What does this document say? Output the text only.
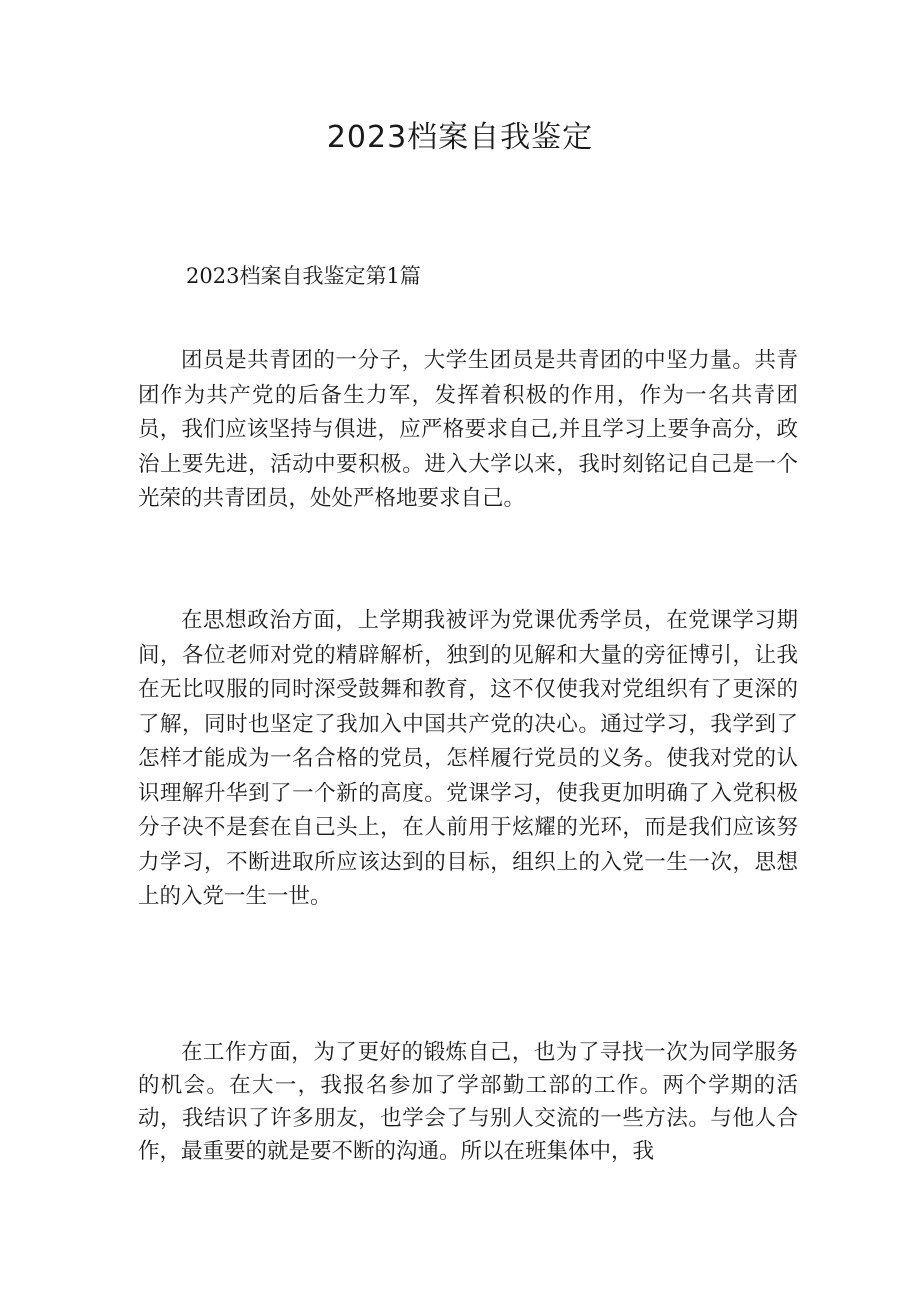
2023档案自我鉴定
2023档案自我鉴定第1篇

团员是共青团的一分子，大学生团员是共青团的中坚力量。共青团作为共产党的后备生力军，发挥着积极的作用，作为一名共青团员，我们应该坚持与俱进，应严格要求自己,并且学习上要争高分，政治上要先进，活动中要积极。进入大学以来，我时刻铭记自己是一个光荣的共青团员，处处严格地要求自己。

在思想政治方面，上学期我被评为党课优秀学员，在党课学习期间，各位老师对党的精辟解析，独到的见解和大量的旁征博引，让我在无比叹服的同时深受鼓舞和教育，这不仅使我对党组织有了更深的了解，同时也坚定了我加入中国共产党的决心。通过学习，我学到了怎样才能成为一名合格的党员，怎样履行党员的义务。使我对党的认识理解升华到了一个新的高度。党课学习，使我更加明确了入党积极分子决不是套在自己头上，在人前用于炫耀的光环，而是我们应该努力学习，不断进取所应该达到的目标，组织上的入党一生一次，思想上的入党一生一世。

在工作方面，为了更好的锻炼自己，也为了寻找一次为同学服务的机会。在大一，我报名参加了学部勤工部的工作。两个学期的活动，我结识了许多朋友，也学会了与别人交流的一些方法。与他人合作，最重要的就是要不断的沟通。所以在班集体中，我
